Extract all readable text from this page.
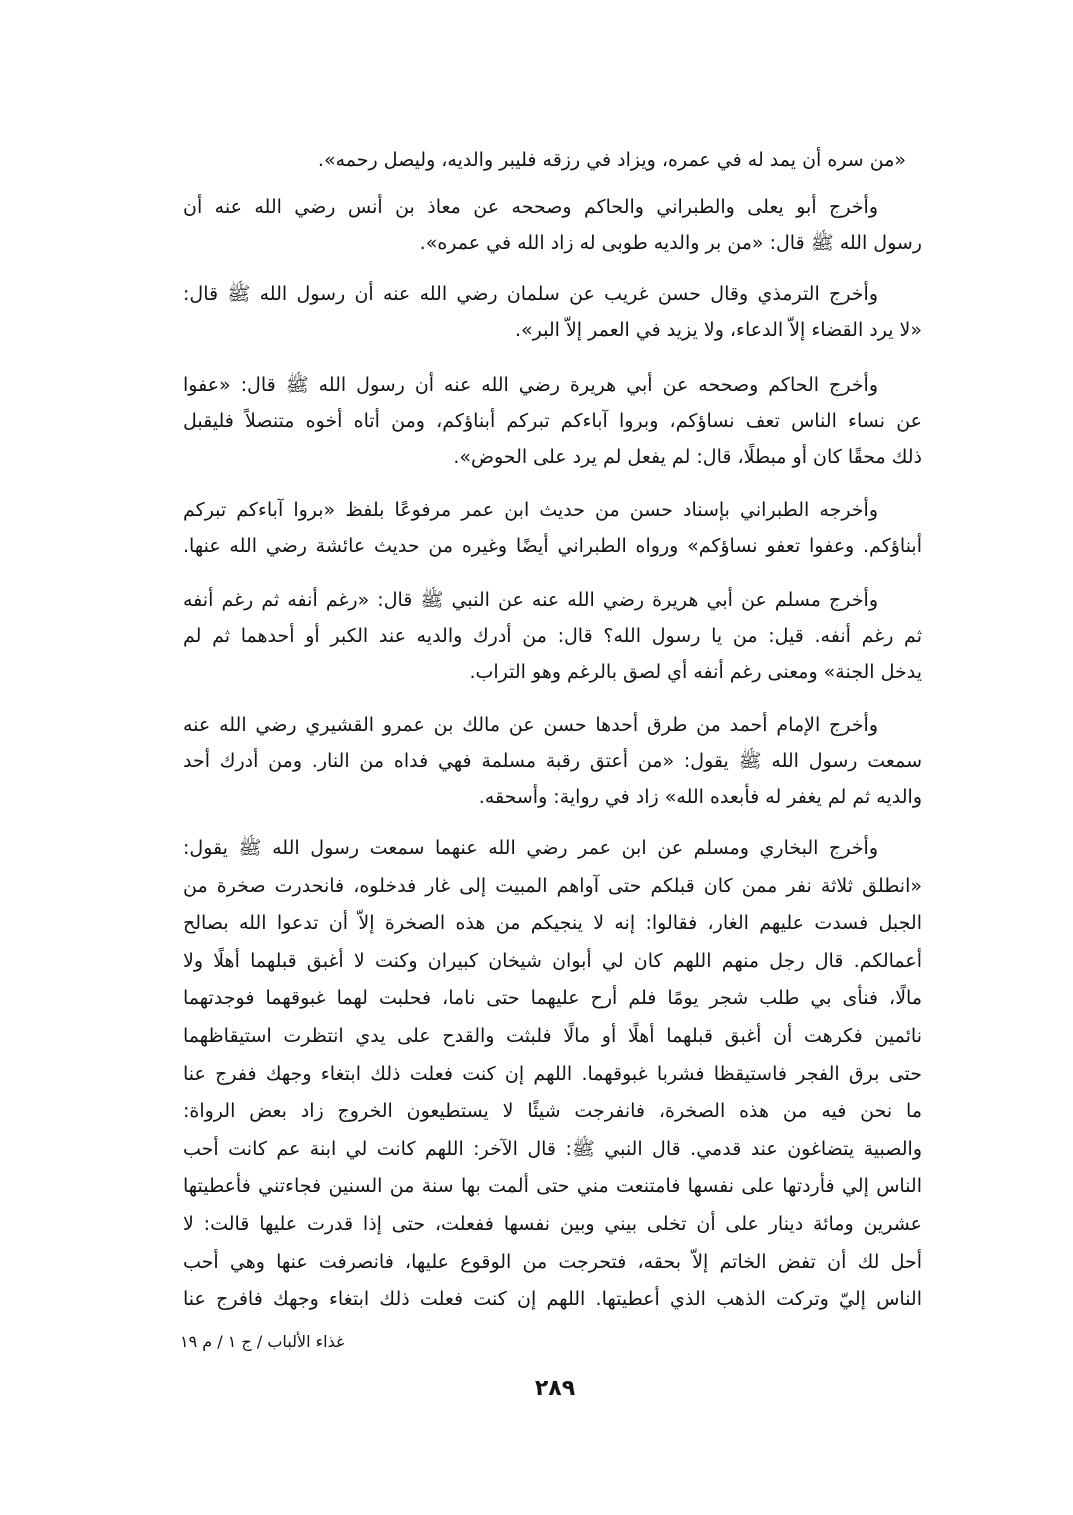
«من سره أن يمد له في عمره، ويزاد في رزقه فليبر والديه، وليصل رحمه».
وأخرج أبو يعلى والطبراني والحاكم وصححه عن معاذ بن أنس رضي الله عنه أن
رسول الله ﷺ قال: «من بر والديه طوبى له زاد الله في عمره».
وأخرج الترمذي وقال حسن غريب عن سلمان رضي الله عنه أن رسول الله ﷺ قال:
«لا يرد القضاء إلاّ الدعاء، ولا يزيد في العمر إلاّ البر».
وأخرج الحاكم وصححه عن أبي هريرة رضي الله عنه أن رسول الله ﷺ قال: «عفوا
عن نساء الناس تعف نساؤكم، وبروا آباءكم تبركم أبناؤكم، ومن أتاه أخوه متنصلاً فليقبل
ذلك محقًا كان أو مبطلًا، قال: لم يفعل لم يرد على الحوض».
وأخرجه الطبراني بإسناد حسن من حديث ابن عمر مرفوعًا بلفظ «بروا آباءكم تبركم
أبناؤكم. وعفوا تعفو نساؤكم» ورواه الطبراني أيضًا وغيره من حديث عائشة رضي الله عنها.
وأخرج مسلم عن أبي هريرة رضي الله عنه عن النبي ﷺ قال: «رغم أنفه ثم رغم أنفه
ثم رغم أنفه. قيل: من يا رسول الله؟ قال: من أدرك والديه عند الكبر أو أحدهما ثم لم
يدخل الجنة» ومعنى رغم أنفه أي لصق بالرغم وهو التراب.
وأخرج الإمام أحمد من طرق أحدها حسن عن مالك بن عمرو القشيري رضي الله عنه
سمعت رسول الله ﷺ يقول: «من أعتق رقبة مسلمة فهي فداه من النار. ومن أدرك أحد
والديه ثم لم يغفر له فأبعده الله» زاد في رواية: وأسحقه.
وأخرج البخاري ومسلم عن ابن عمر رضي الله عنهما سمعت رسول الله ﷺ يقول:
«انطلق ثلاثة نفر ممن كان قبلكم حتى آواهم المبيت إلى غار فدخلوه، فانحدرت صخرة من
الجبل فسدت عليهم الغار، فقالوا: إنه لا ينجيكم من هذه الصخرة إلاّ أن تدعوا الله بصالح
أعمالكم. قال رجل منهم اللهم كان لي أبوان شيخان كبيران وكنت لا أغبق قبلهما أهلًا ولا
مالًا، فنأى بي طلب شجر يومًا فلم أرح عليهما حتى ناما، فحلبت لهما غبوقهما فوجدتهما
نائمين فكرهت أن أغبق قبلهما أهلًا أو مالًا فلبثت والقدح على يدي انتظرت استيقاظهما
حتى برق الفجر فاستيقظا فشربا غبوقهما. اللهم إن كنت فعلت ذلك ابتغاء وجهك ففرج عنا
ما نحن فيه من هذه الصخرة، فانفرجت شيئًا لا يستطيعون الخروج زاد بعض الرواة:
والصبية يتضاغون عند قدمي. قال النبي ﷺ: قال الآخر: اللهم كانت لي ابنة عم كانت أحب
الناس إلي فأردتها على نفسها فامتنعت مني حتى ألمت بها سنة من السنين فجاءتني فأعطيتها
عشرين ومائة دينار على أن تخلى بيني وبين نفسها ففعلت، حتى إذا قدرت عليها قالت: لا
أحل لك أن تفض الخاتم إلاّ بحقه، فتحرجت من الوقوع عليها، فانصرفت عنها وهي أحب
الناس إليّ وتركت الذهب الذي أعطيتها. اللهم إن كنت فعلت ذلك ابتغاء وجهك فافرج عنا
غذاء الألباب / ج ١ / م ١٩
٢٨٩
